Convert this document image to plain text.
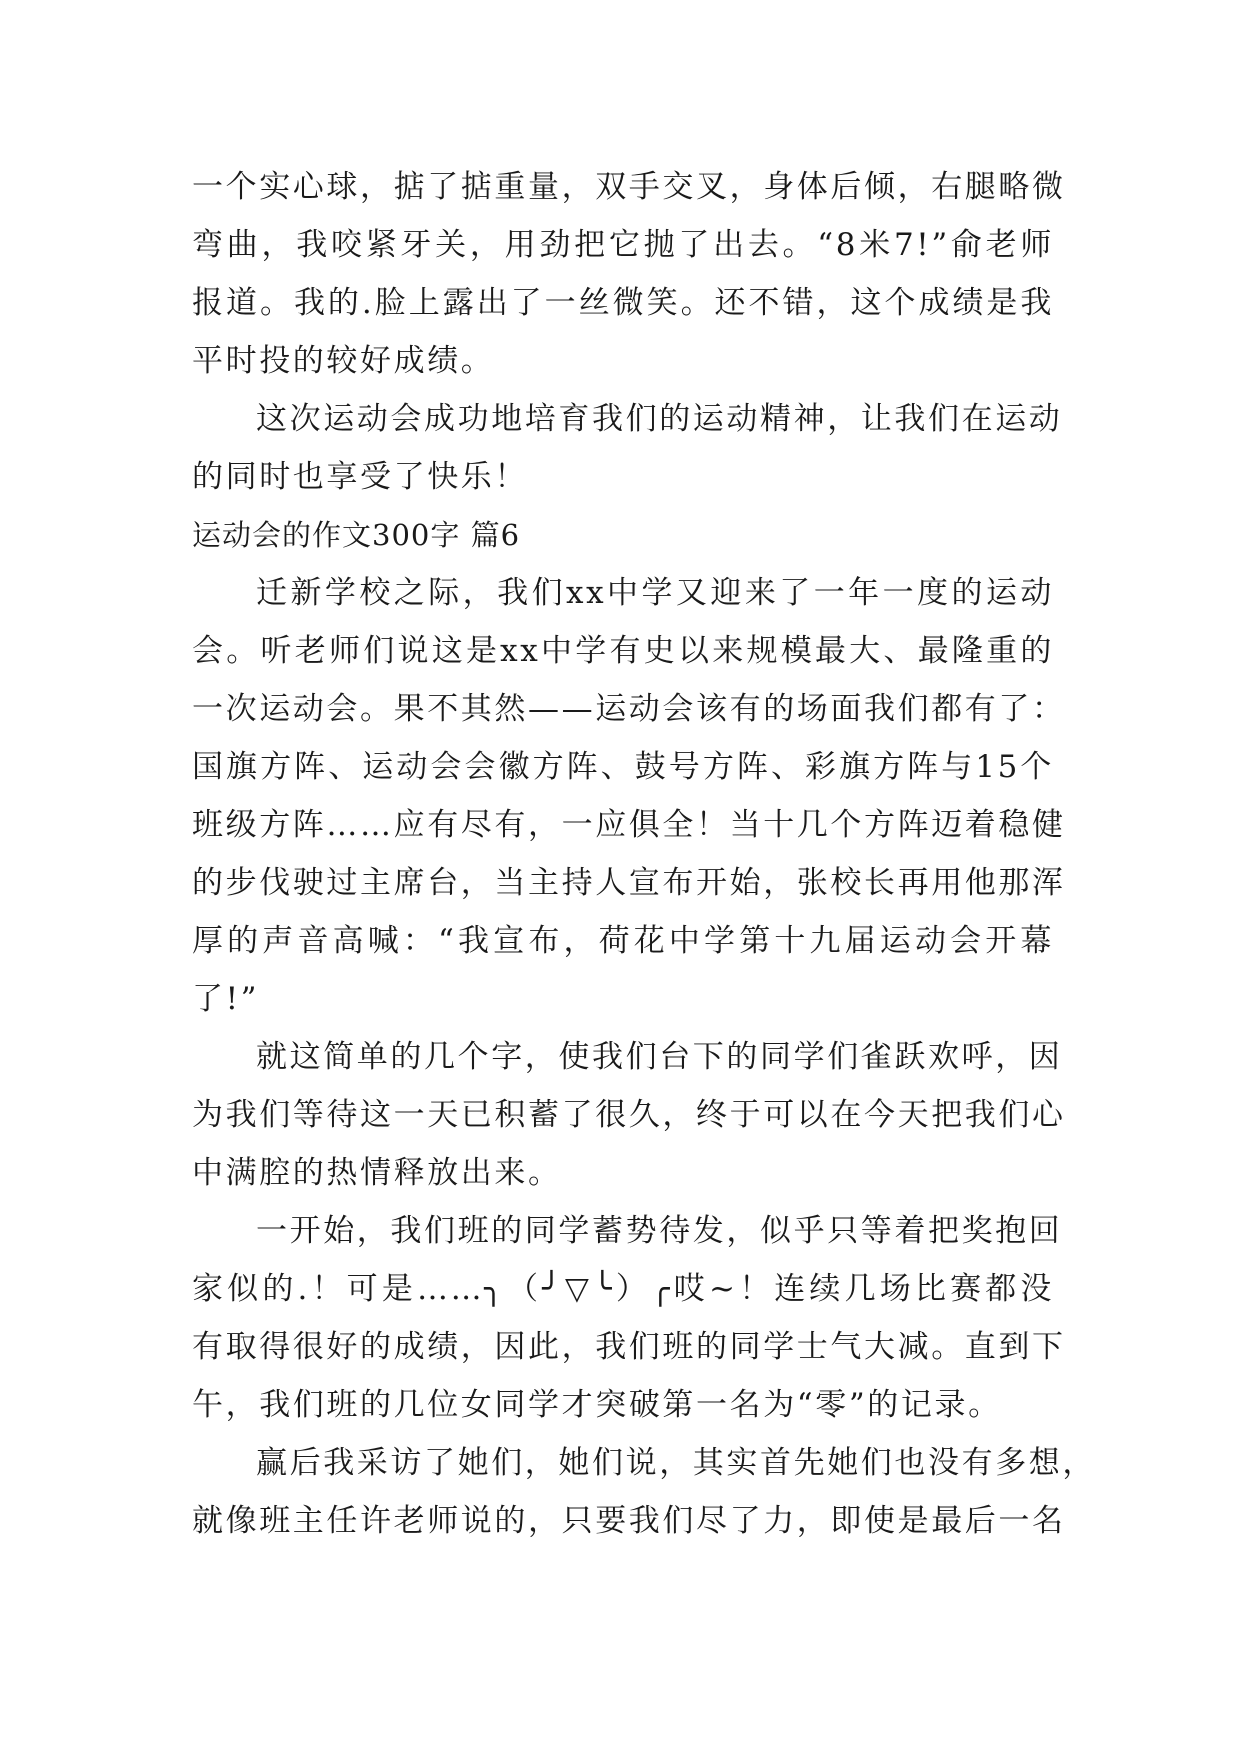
一个实心球，掂了掂重量，双手交叉，身体后倾，右腿略微
弯曲，我咬紧牙关，用劲把它抛了出去。“8米7!”俞老师
报道。我的.脸上露出了一丝微笑。还不错，这个成绩是我
平时投的较好成绩。
这次运动会成功地培育我们的运动精神，让我们在运动
的同时也享受了快乐！
运动会的作文300字 篇6
迁新学校之际，我们xx中学又迎来了一年一度的运动
会。听老师们说这是xx中学有史以来规模最大、最隆重的
一次运动会。果不其然——运动会该有的场面我们都有了：
国旗方阵、运动会会徽方阵、鼓号方阵、彩旗方阵与15个
班级方阵……应有尽有，一应俱全！当十几个方阵迈着稳健
的步伐驶过主席台，当主持人宣布开始，张校长再用他那浑
厚的声音高喊：“我宣布，荷花中学第十九届运动会开幕
了!”
就这简单的几个字，使我们台下的同学们雀跃欢呼，因
为我们等待这一天已积蓄了很久，终于可以在今天把我们心
中满腔的热情释放出来。
一开始，我们班的同学蓄势待发，似乎只等着把奖抱回
家似的.！可是……╮（╯▽╰）╭哎~！连续几场比赛都没
有取得很好的成绩，因此，我们班的同学士气大减。直到下
午，我们班的几位女同学才突破第一名为“零”的记录。
赢后我采访了她们，她们说，其实首先她们也没有多想，
就像班主任许老师说的，只要我们尽了力，即使是最后一名
